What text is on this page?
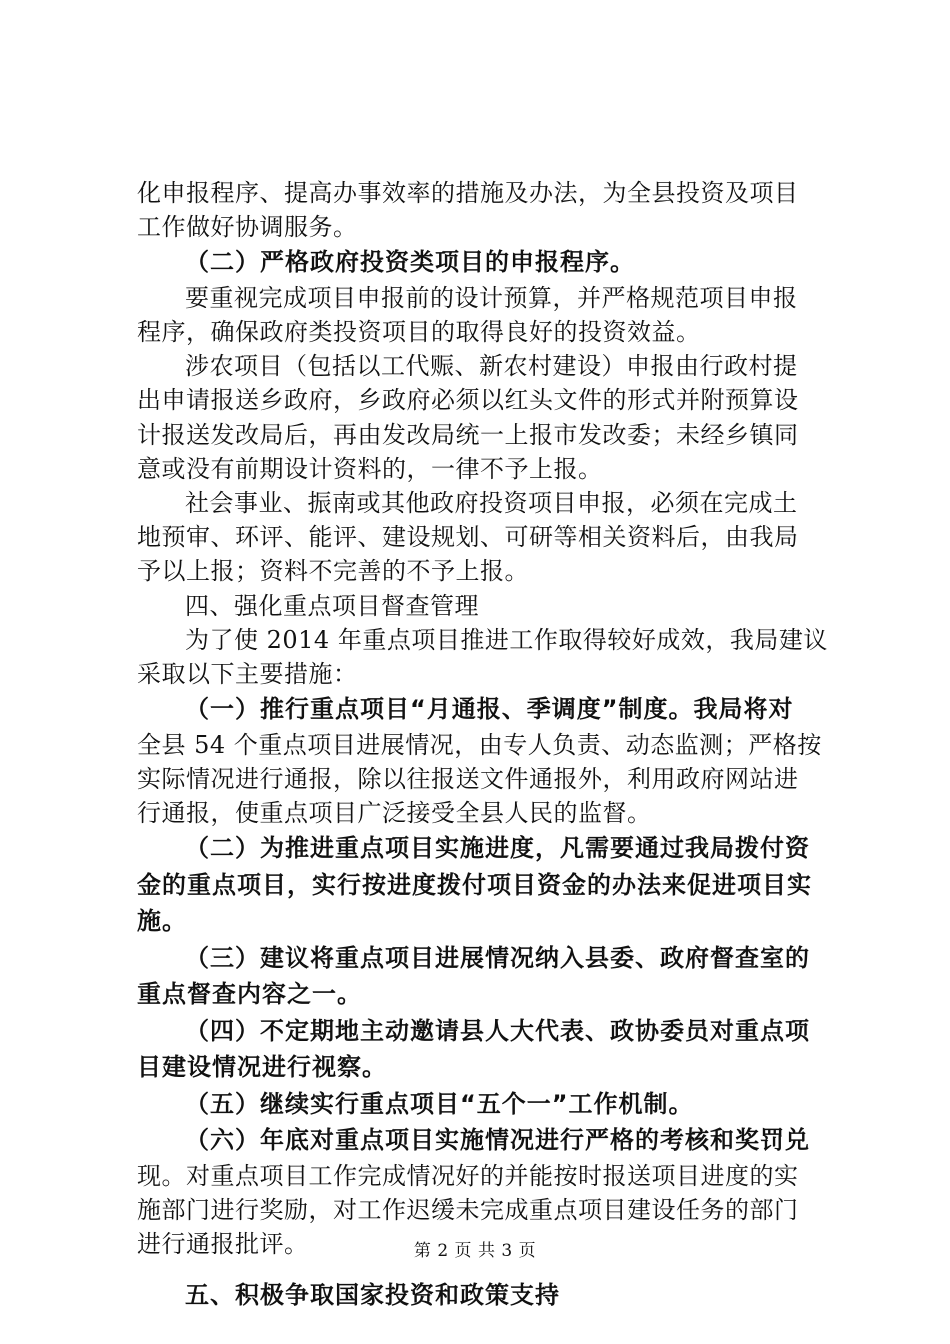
化申报程序、提高办事效率的措施及办法，为全县投资及项目
工作做好协调服务。
（二）严格政府投资类项目的申报程序。
要重视完成项目申报前的设计预算，并严格规范项目申报
程序，确保政府类投资项目的取得良好的投资效益。
涉农项目（包括以工代赈、新农村建设）申报由行政村提
出申请报送乡政府，乡政府必须以红头文件的形式并附预算设
计报送发改局后，再由发改局统一上报市发改委；未经乡镇同
意或没有前期设计资料的，一律不予上报。
社会事业、振南或其他政府投资项目申报，必须在完成土
地预审、环评、能评、建设规划、可研等相关资料后，由我局
予以上报；资料不完善的不予上报。
四、强化重点项目督查管理
为了使 2014 年重点项目推进工作取得较好成效，我局建议
采取以下主要措施：
（一）推行重点项目“月通报、季调度”制度。我局将对
全县 54 个重点项目进展情况，由专人负责、动态监测；严格按
实际情况进行通报，除以往报送文件通报外，利用政府网站进
行通报，使重点项目广泛接受全县人民的监督。
（二）为推进重点项目实施进度，凡需要通过我局拨付资
金的重点项目，实行按进度拨付项目资金的办法来促进项目实
施。
（三）建议将重点项目进展情况纳入县委、政府督查室的
重点督查内容之一。
（四）不定期地主动邀请县人大代表、政协委员对重点项
目建设情况进行视察。
（五）继续实行重点项目“五个一”工作机制。
（六）年底对重点项目实施情况进行严格的考核和奖罚兑
现。对重点项目工作完成情况好的并能按时报送项目进度的实
施部门进行奖励，对工作迟缓未完成重点项目建设任务的部门
进行通报批评。
五、积极争取国家投资和政策支持
第 2 页 共 3 页
